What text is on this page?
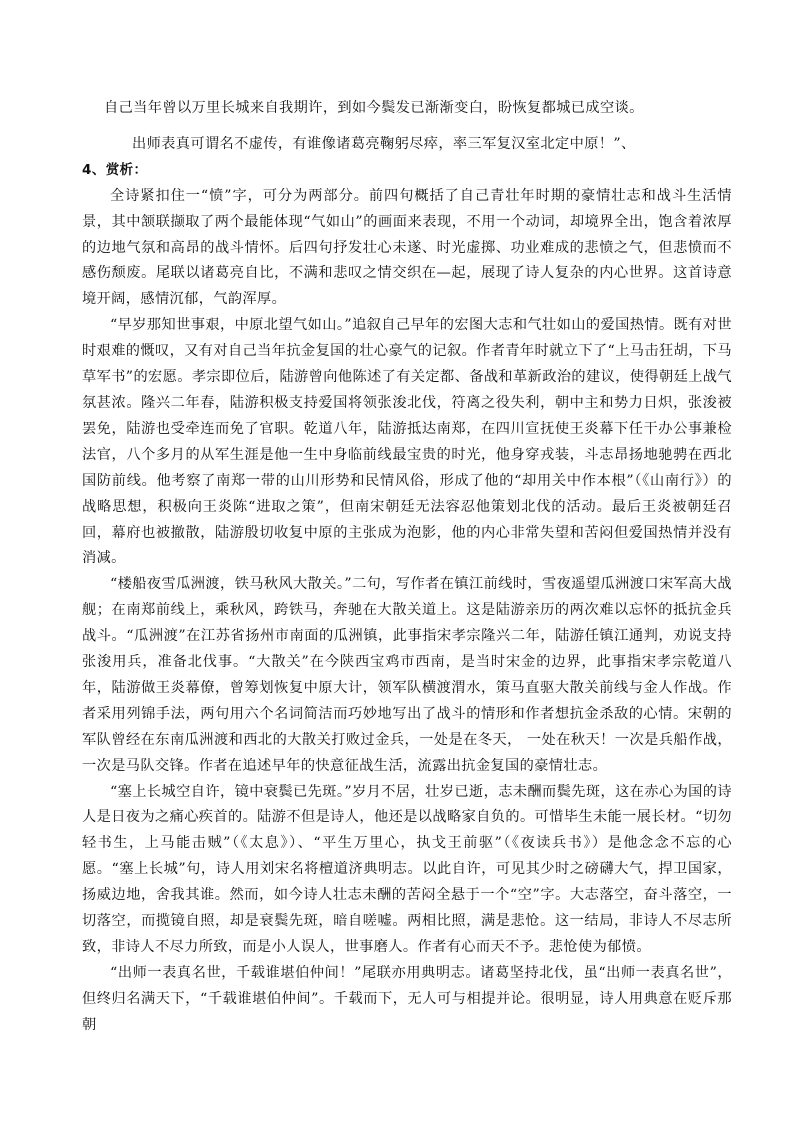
自己当年曾以万里长城来自我期许，到如今鬓发已渐渐变白，盼恢复都城已成空谈。

出师表真可谓名不虚传，有谁像诸葛亮鞠躬尽瘁，率三军复汉室北定中原！”、

4、赏析：

全诗紧扣住一“愤”字，可分为两部分。前四句概括了自己青壮年时期的豪情壮志和战斗生活情景，其中颔联撷取了两个最能体现“气如山”的画面来表现，不用一个动词，却境界全出，饱含着浓厚的边地气氛和高昂的战斗情怀。后四句抒发壮心未遂、时光虚掷、功业难成的悲愤之气，但悲愤而不感伤颓废。尾联以诸葛亮自比，不满和悲叹之情交织在—起，展现了诗人复杂的内心世界。这首诗意境开阔，感情沉郁，气韵浑厚。

“早岁那知世事艰，中原北望气如山。”追叙自己早年的宏图大志和气壮如山的爱国热情。既有对世时艰难的慨叹，又有对自己当年抗金复国的壮心豪气的记叙。作者青年时就立下了“上马击狂胡，下马草军书”的宏愿。孝宗即位后，陆游曾向他陈述了有关定都、备战和革新政治的建议，使得朝廷上战气氛甚浓。隆兴二年春，陆游积极支持爱国将领张浚北伐，符离之役失利，朝中主和势力日炽，张浚被罢免，陆游也受牵连而免了官职。乾道八年，陆游抵达南郑，在四川宣抚使王炎幕下任干办公事兼检法官，八个多月的从军生涯是他一生中身临前线最宝贵的时光，他身穿戎装，斗志昂扬地驰骋在西北国防前线。他考察了南郑一带的山川形势和民情风俗，形成了他的“却用关中作本根”（《山南行》）的战略思想，积极向王炎陈“进取之策”，但南宋朝廷无法容忍他策划北伐的活动。最后王炎被朝廷召回，幕府也被撤散，陆游殷切收复中原的主张成为泡影，他的内心非常失望和苦闷但爱国热情并没有消减。

“楼船夜雪瓜洲渡，铁马秋风大散关。”二句，写作者在镇江前线时，雪夜遥望瓜洲渡口宋军高大战舰；在南郑前线上，乘秋风，跨铁马，奔驰在大散关道上。这是陆游亲历的两次难以忘怀的抵抗金兵战斗。“瓜洲渡”在江苏省扬州市南面的瓜洲镇，此事指宋孝宗隆兴二年，陆游任镇江通判，劝说支持张浚用兵，准备北伐事。“大散关”在今陕西宝鸡市西南，是当时宋金的边界，此事指宋孝宗乾道八年，陆游做王炎幕僚，曾筹划恢复中原大计，领军队横渡渭水，策马直驱大散关前线与金人作战。作者采用列锦手法，两句用六个名词简洁而巧妙地写出了战斗的情形和作者想抗金杀敌的心情。宋朝的军队曾经在东南瓜洲渡和西北的大散关打败过金兵，一处是在冬天， 一处在秋天！一次是兵船作战，一次是马队交锋。作者在追述早年的快意征战生活，流露出抗金复国的豪情壮志。

“塞上长城空自许，镜中衰鬓已先斑。”岁月不居，壮岁已逝，志未酬而鬓先斑，这在赤心为国的诗人是日夜为之痛心疾首的。陆游不但是诗人，他还是以战略家自负的。可惜毕生未能一展长材。“切勿轻书生，上马能击贼”（《太息》）、“平生万里心，执戈王前驱”（《夜读兵书》）是他念念不忘的心愿。“塞上长城”句，诗人用刘宋名将檀道济典明志。以此自许，可见其少时之磅礴大气，捍卫国家，扬威边地，舍我其谁。然而，如今诗人壮志未酬的苦闷全悬于一个“空”字。大志落空，奋斗落空，一切落空，而揽镜自照，却是衰鬓先斑，暗自嗟嘘。两相比照，满是悲怆。这一结局，非诗人不尽志所致，非诗人不尽力所致，而是小人误人，世事磨人。作者有心而天不予。悲怆使为郁愤。

“出师一表真名世，千载谁堪伯仲间！”尾联亦用典明志。诸葛坚持北伐，虽“出师一表真名世”，但终归名满天下，“千载谁堪伯仲间”。千载而下，无人可与相提并论。很明显，诗人用典意在贬斥那朝
